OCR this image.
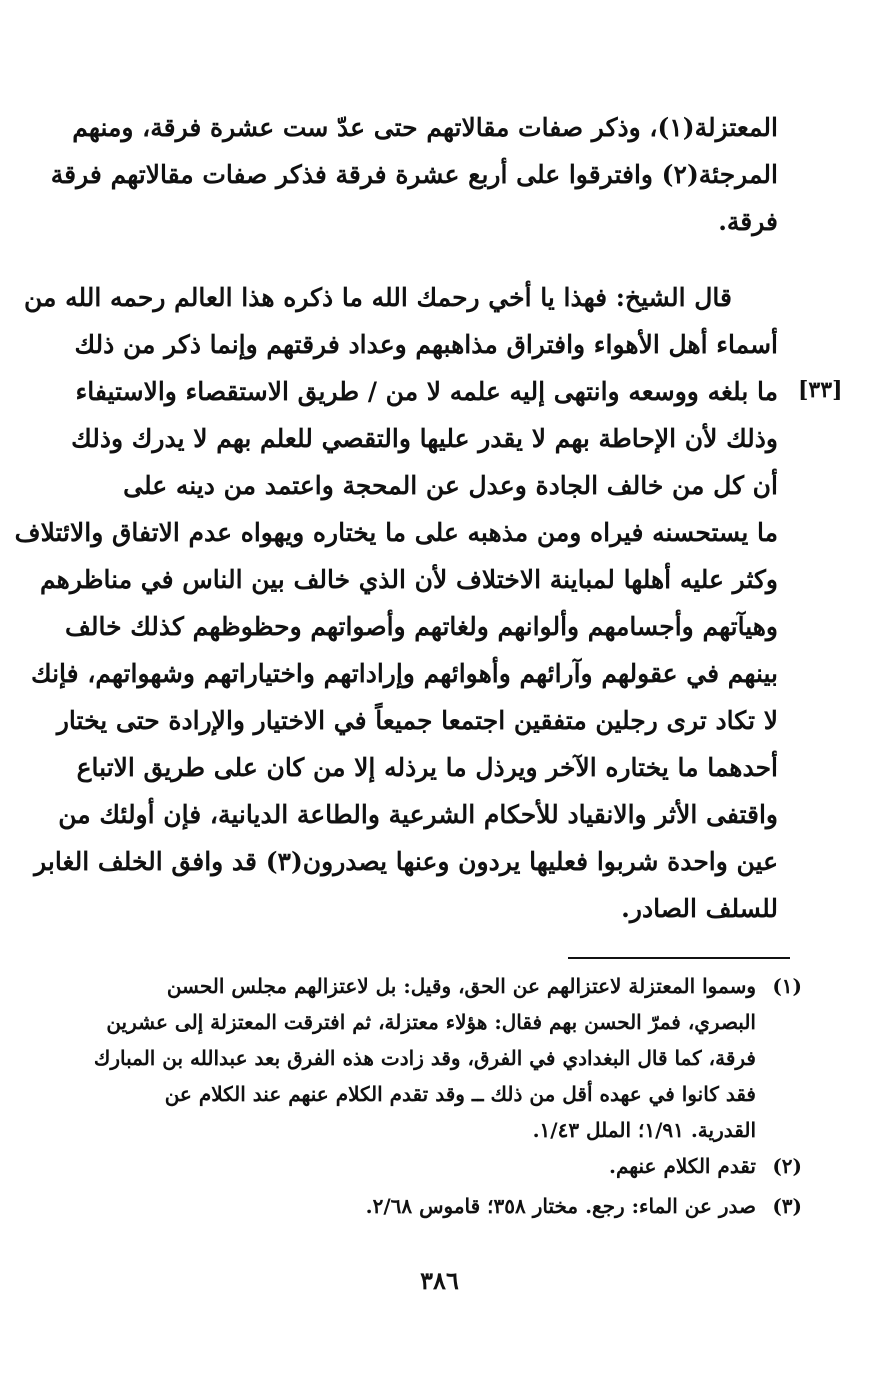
المعتزلة(١)، وذكر صفات مقالاتهم حتى عدّ ست عشرة فرقة، ومنهم
المرجئة(٢) وافترقوا على أربع عشرة فرقة فذكر صفات مقالاتهم فرقة
فرقة.
قال الشيخ: فهذا يا أخي رحمك الله ما ذكره هذا العالم رحمه الله من
أسماء أهل الأهواء وافتراق مذاهبهم وعداد فرقتهم وإنما ذكر من ذلك
ما بلغه ووسعه وانتهى إليه علمه لا من / طريق الاستقصاء والاستيفاء
وذلك لأن الإحاطة بهم لا يقدر عليها والتقصي للعلم بهم لا يدرك وذلك
أن كل من خالف الجادة وعدل عن المحجة واعتمد من دينه على
ما يستحسنه فيراه ومن مذهبه على ما يختاره ويهواه عدم الاتفاق والائتلاف
وكثر عليه أهلها لمباينة الاختلاف لأن الذي خالف بين الناس في مناظرهم
وهيآتهم وأجسامهم وألوانهم ولغاتهم وأصواتهم وحظوظهم كذلك خالف
بينهم في عقولهم وآرائهم وأهوائهم وإراداتهم واختياراتهم وشهواتهم، فإنك
لا تكاد ترى رجلين متفقين اجتمعا جميعاً في الاختيار والإرادة حتى يختار
أحدهما ما يختاره الآخر ويرذل ما يرذله إلا من كان على طريق الاتباع
واقتفى الأثر والانقياد للأحكام الشرعية والطاعة الديانية، فإن أولئك من
عين واحدة شربوا فعليها يردون وعنها يصدرون(٣) قد وافق الخلف الغابر
للسلف الصادر.
[٣٣]
(١)
وسموا المعتزلة لاعتزالهم عن الحق، وقيل: بل لاعتزالهم مجلس الحسن
البصري، فمرّ الحسن بهم فقال: هؤلاء معتزلة، ثم افترقت المعتزلة إلى عشرين
فرقة، كما قال البغدادي في الفرق، وقد زادت هذه الفرق بعد عبدالله بن المبارك
فقد كانوا في عهده أقل من ذلك ــ وقد تقدم الكلام عنهم عند الكلام عن
القدرية. ١/٩١؛ الملل ١/٤٣.
(٢)
تقدم الكلام عنهم.
(٣)
صدر عن الماء: رجع. مختار ٣٥٨؛ قاموس ٢/٦٨.
٣٨٦
